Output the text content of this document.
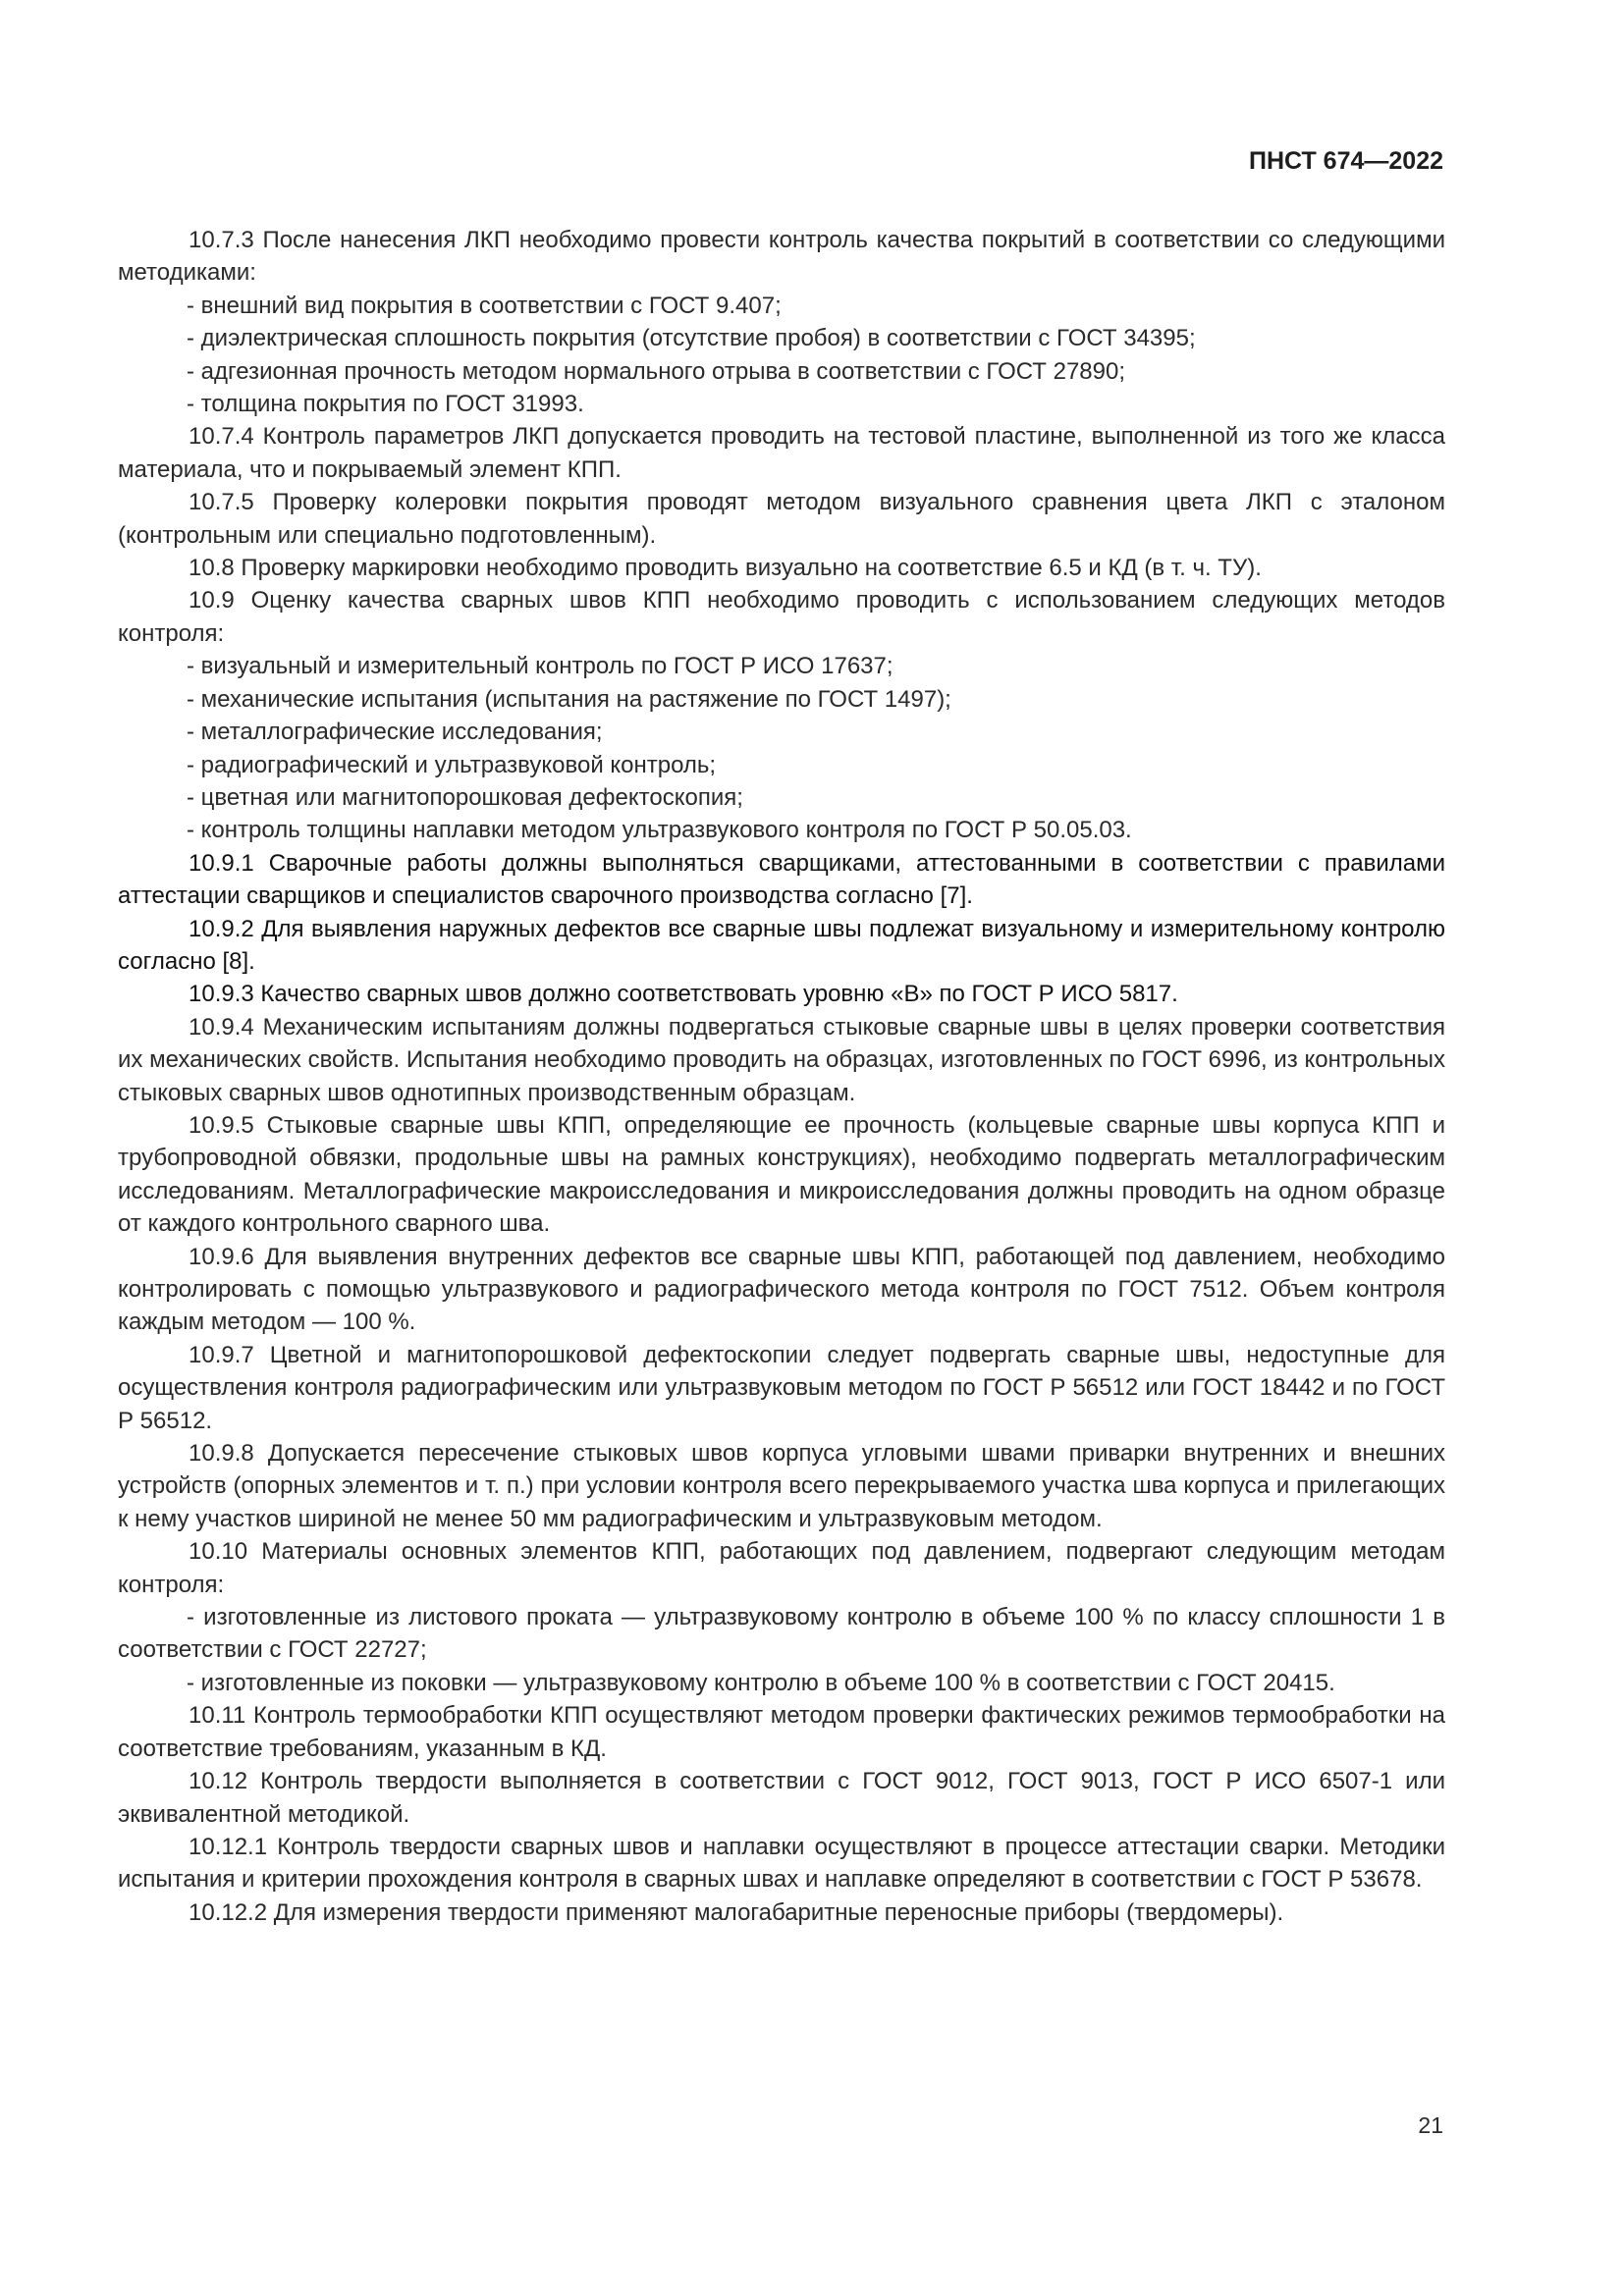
ПНСТ 674—2022

10.7.3 После нанесения ЛКП необходимо провести контроль качества покрытий в соответствии со следующими методиками:

- внешний вид покрытия в соответствии с ГОСТ 9.407;

- диэлектрическая сплошность покрытия (отсутствие пробоя) в соответствии с ГОСТ 34395;

- адгезионная прочность методом нормального отрыва в соответствии с ГОСТ 27890;

- толщина покрытия по ГОСТ 31993.

10.7.4 Контроль параметров ЛКП допускается проводить на тестовой пластине, выполненной из того же класса материала, что и покрываемый элемент КПП.

10.7.5 Проверку колеровки покрытия проводят методом визуального сравнения цвета ЛКП с эталоном (контрольным или специально подготовленным).

10.8 Проверку маркировки необходимо проводить визуально на соответствие 6.5 и КД (в т. ч. ТУ).

10.9 Оценку качества сварных швов КПП необходимо проводить с использованием следующих методов контроля:

- визуальный и измерительный контроль по ГОСТ Р ИСО 17637;

- механические испытания (испытания на растяжение по ГОСТ 1497);

- металлографические исследования;

- радиографический и ультразвуковой контроль;

- цветная или магнитопорошковая дефектоскопия;

- контроль толщины наплавки методом ультразвукового контроля по ГОСТ Р 50.05.03.

10.9.1 Сварочные работы должны выполняться сварщиками, аттестованными в соответствии с правилами аттестации сварщиков и специалистов сварочного производства согласно [7].

10.9.2 Для выявления наружных дефектов все сварные швы подлежат визуальному и измерительному контролю согласно [8].

10.9.3 Качество сварных швов должно соответствовать уровню «B» по ГОСТ Р ИСО 5817.

10.9.4 Механическим испытаниям должны подвергаться стыковые сварные швы в целях проверки соответствия их механических свойств. Испытания необходимо проводить на образцах, изготовленных по ГОСТ 6996, из контрольных стыковых сварных швов однотипных производственным образцам.

10.9.5 Стыковые сварные швы КПП, определяющие ее прочность (кольцевые сварные швы корпуса КПП и трубопроводной обвязки, продольные швы на рамных конструкциях), необходимо подвергать металлографическим исследованиям. Металлографические макроисследования и микроисследования должны проводить на одном образце от каждого контрольного сварного шва.

10.9.6 Для выявления внутренних дефектов все сварные швы КПП, работающей под давлением, необходимо контролировать с помощью ультразвукового и радиографического метода контроля по ГОСТ 7512. Объем контроля каждым методом — 100 %.

10.9.7 Цветной и магнитопорошковой дефектоскопии следует подвергать сварные швы, недоступные для осуществления контроля радиографическим или ультразвуковым методом по ГОСТ Р 56512 или ГОСТ 18442 и по ГОСТ Р 56512.

10.9.8 Допускается пересечение стыковых швов корпуса угловыми швами приварки внутренних и внешних устройств (опорных элементов и т. п.) при условии контроля всего перекрываемого участка шва корпуса и прилегающих к нему участков шириной не менее 50 мм радиографическим и ультразвуковым методом.

10.10 Материалы основных элементов КПП, работающих под давлением, подвергают следующим методам контроля:

- изготовленные из листового проката — ультразвуковому контролю в объеме 100 % по классу сплошности 1 в соответствии с ГОСТ 22727;

- изготовленные из поковки — ультразвуковому контролю в объеме 100 % в соответствии с ГОСТ 20415.

10.11 Контроль термообработки КПП осуществляют методом проверки фактических режимов термообработки на соответствие требованиям, указанным в КД.

10.12 Контроль твердости выполняется в соответствии с ГОСТ 9012, ГОСТ 9013, ГОСТ Р ИСО 6507-1 или эквивалентной методикой.

10.12.1 Контроль твердости сварных швов и наплавки осуществляют в процессе аттестации сварки. Методики испытания и критерии прохождения контроля в сварных швах и наплавке определяют в соответствии с ГОСТ Р 53678.

10.12.2 Для измерения твердости применяют малогабаритные переносные приборы (твердомеры).

21
